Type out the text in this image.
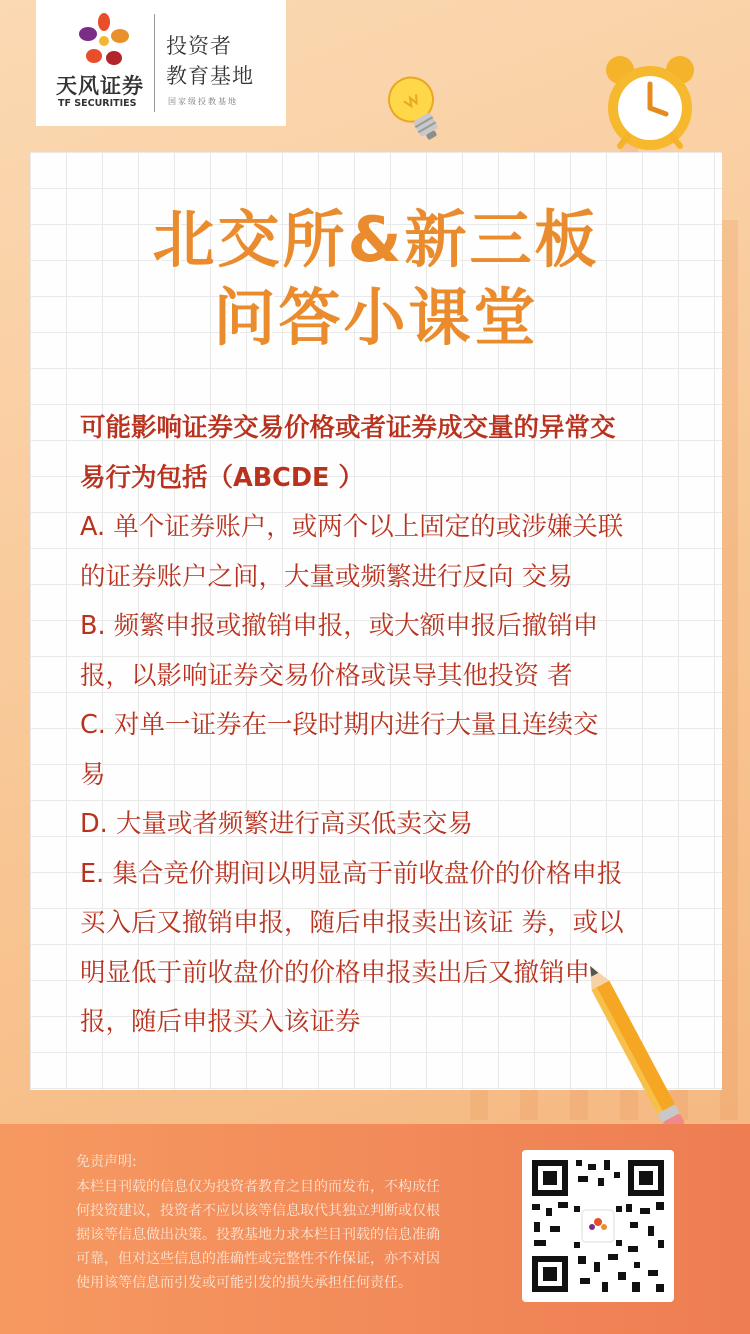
天风证券
TF SECURITIES
投资者
教育基地
国家级投教基地
北交所&新三板
问答小课堂

可能影响证券交易价格或者证券成交量的异常交

易行为包括（ABCDE ）

A. 单个证券账户，或两个以上固定的或涉嫌关联

的证券账户之间，大量或频繁进行反向 交易

B. 频繁申报或撤销申报，或大额申报后撤销申

报，以影响证券交易价格或误导其他投资 者

C. 对单一证券在一段时期内进行大量且连续交

易

D. 大量或者频繁进行高买低卖交易

E. 集合竞价期间以明显高于前收盘价的价格申报

买入后又撤销申报，随后申报卖出该证 券，或以

明显低于前收盘价的价格申报卖出后又撤销申

报，随后申报买入该证券

免责声明:
本栏目刊载的信息仅为投资者教育之目的而发布，不构成任
何投资建议，投资者不应以该等信息取代其独立判断或仅根
据该等信息做出决策。投教基地力求本栏目刊载的信息准确
可靠，但对这些信息的准确性或完整性不作保证，亦不对因
使用该等信息而引发或可能引发的损失承担任何责任。
